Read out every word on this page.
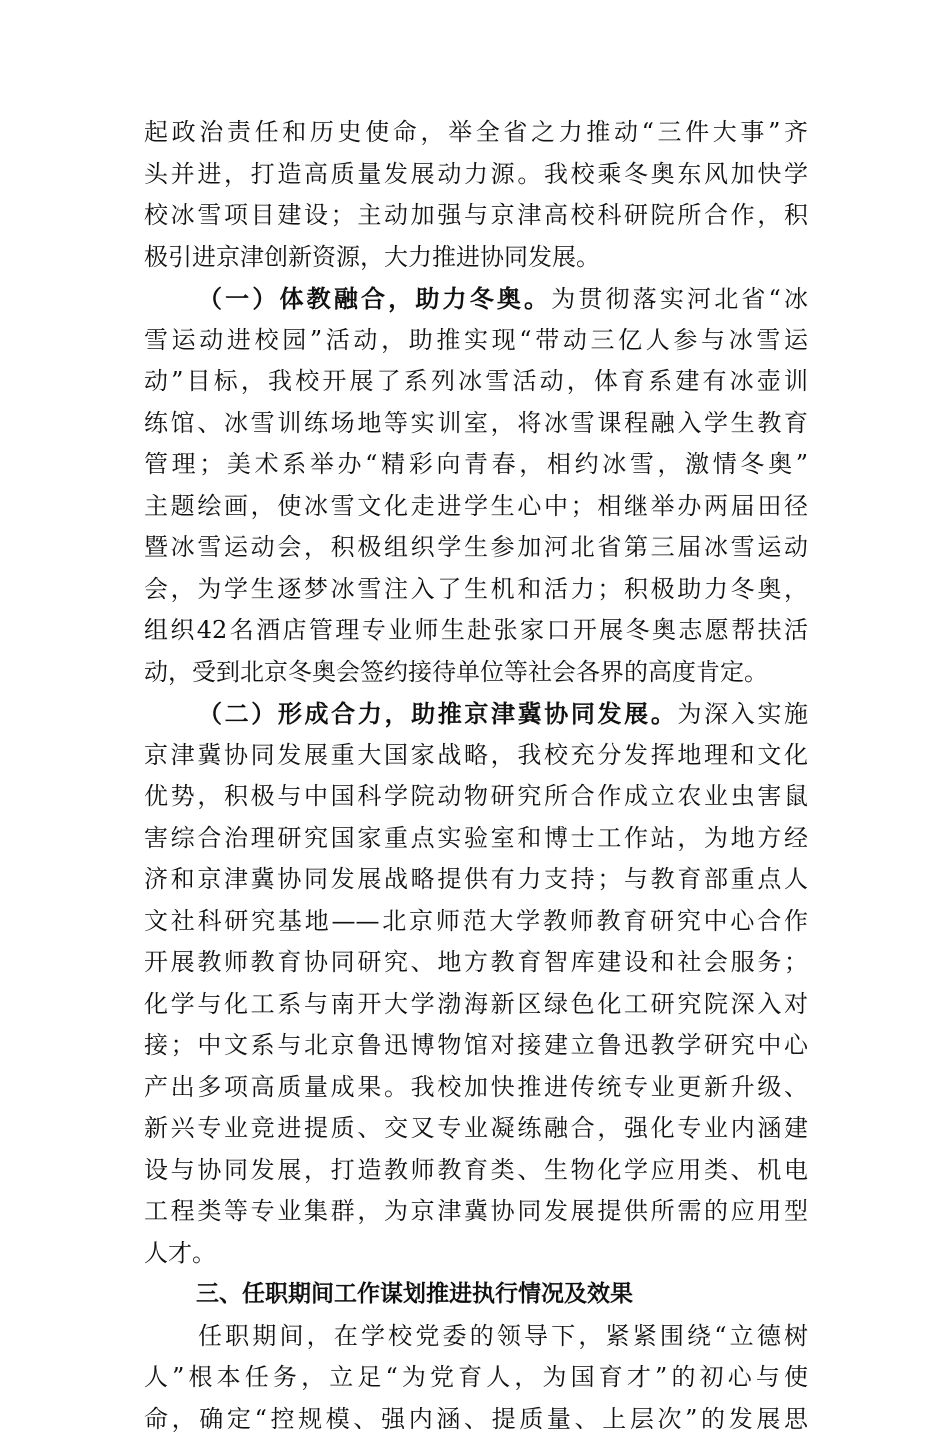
起政治责任和历史使命，举全省之力推动“三件大事”齐
头并进，打造高质量发展动力源。我校乘冬奥东风加快学
校冰雪项目建设；主动加强与京津高校科研院所合作，积
极引进京津创新资源，大力推进协同发展。
（一）体教融合，助力冬奥。为贯彻落实河北省“冰
雪运动进校园”活动，助推实现“带动三亿人参与冰雪运
动”目标，我校开展了系列冰雪活动，体育系建有冰壶训
练馆、冰雪训练场地等实训室，将冰雪课程融入学生教育
管理；美术系举办“精彩向青春，相约冰雪，激情冬奥”
主题绘画，使冰雪文化走进学生心中；相继举办两届田径
暨冰雪运动会，积极组织学生参加河北省第三届冰雪运动
会，为学生逐梦冰雪注入了生机和活力；积极助力冬奥，
组织42名酒店管理专业师生赴张家口开展冬奥志愿帮扶活
动，受到北京冬奥会签约接待单位等社会各界的高度肯定。
（二）形成合力，助推京津冀协同发展。为深入实施
京津冀协同发展重大国家战略，我校充分发挥地理和文化
优势，积极与中国科学院动物研究所合作成立农业虫害鼠
害综合治理研究国家重点实验室和博士工作站，为地方经
济和京津冀协同发展战略提供有力支持；与教育部重点人
文社科研究基地——北京师范大学教师教育研究中心合作
开展教师教育协同研究、地方教育智库建设和社会服务；
化学与化工系与南开大学渤海新区绿色化工研究院深入对
接；中文系与北京鲁迅博物馆对接建立鲁迅教学研究中心
产出多项高质量成果。我校加快推进传统专业更新升级、
新兴专业竞进提质、交叉专业凝练融合，强化专业内涵建
设与协同发展，打造教师教育类、生物化学应用类、机电
工程类等专业集群，为京津冀协同发展提供所需的应用型
人才。
三、任职期间工作谋划推进执行情况及效果
任职期间，在学校党委的领导下，紧紧围绕“立德树
人”根本任务，立足“为党育人，为国育才”的初心与使
命，确定“控规模、强内涵、提质量、上层次”的发展思
